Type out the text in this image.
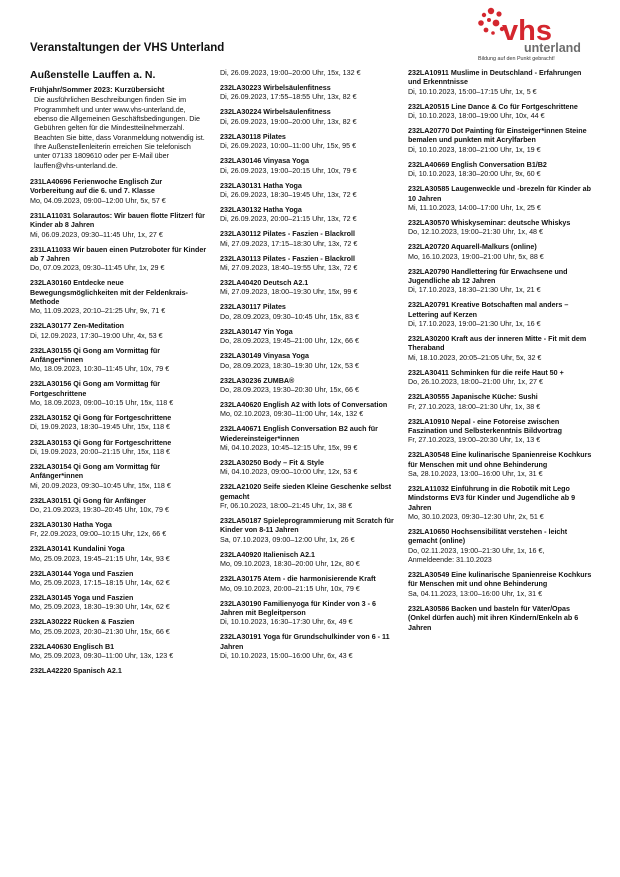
Veranstaltungen der VHS Unterland
vhs
unterland
Bildung auf den Punkt gebracht!
Außenstelle Lauffen a. N.
Frühjahr/Sommer 2023: Kurzübersicht
Die ausführlichen Beschreibungen finden Sie im Programmheft und unter www.vhs-unterland.de, ebenso die Allgemeinen Geschäftsbedingungen. Die Gebühren gelten für die Mindestteilnehmerzahl. Beachten Sie bitte, dass Voranmeldung notwendig ist. Ihre Außenstellenleiterin erreichen Sie telefonisch unter 07133 1809610 oder per E-Mail über lauffen@vhs-unterland.de.
231LA40696 Ferienwoche Englisch Zur Vorbereitung auf die 6. und 7. Klasse
Mo, 04.09.2023, 09:00–12:00 Uhr, 5x, 57 €
231LA11031 Solarautos: Wir bauen flotte Flitzer! für Kinder ab 8 Jahren
Mi, 06.09.2023, 09:30–11:45 Uhr, 1x, 27 €
231LA11033 Wir bauen einen Putzroboter für Kinder ab 7 Jahren
Do, 07.09.2023, 09:30–11:45 Uhr, 1x, 29 €
232LA30160 Entdecke neue Bewegungsmöglichkeiten mit der Feldenkrais-Methode
Mo, 11.09.2023, 20:10–21:25 Uhr, 9x, 71 €
232LA30177 Zen-Meditation
Di, 12.09.2023, 17:30–19:00 Uhr, 4x, 53 €
232LA30155 Qi Gong am Vormittag für Anfänger*innen
Mo, 18.09.2023, 10:30–11:45 Uhr, 10x, 79 €
232LA30156 Qi Gong am Vormittag für Fortgeschrittene
Mo, 18.09.2023, 09:00–10:15 Uhr, 15x, 118 €
232LA30152 Qi Gong für Fortgeschrittene
Di, 19.09.2023, 18:30–19:45 Uhr, 15x, 118 €
232LA30153 Qi Gong für Fortgeschrittene
Di, 19.09.2023, 20:00–21:15 Uhr, 15x, 118 €
232LA30154 Qi Gong am Vormittag für Anfänger*innen
Mi, 20.09.2023, 09:30–10:45 Uhr, 15x, 118 €
232LA30151 Qi Gong für Anfänger
Do, 21.09.2023, 19:30–20:45 Uhr, 10x, 79 €
232LA30130 Hatha Yoga
Fr, 22.09.2023, 09:00–10:15 Uhr, 12x, 66 €
232LA30141 Kundalini Yoga
Mo, 25.09.2023, 19:45–21:15 Uhr, 14x, 93 €
232LA30144 Yoga und Faszien
Mo, 25.09.2023, 17:15–18:15 Uhr, 14x, 62 €
232LA30145 Yoga und Faszien
Mo, 25.09.2023, 18:30–19:30 Uhr, 14x, 62 €
232LA30222 Rücken & Faszien
Mo, 25.09.2023, 20:30–21:30 Uhr, 15x, 66 €
232LA40630 Englisch B1
Mo, 25.09.2023, 09:30–11:00 Uhr, 13x, 123 €
232LA42220 Spanisch A2.1
Di, 26.09.2023, 19:00–20:00 Uhr, 15x, 132 €
232LA30223 Wirbelsäulenfitness
Di, 26.09.2023, 17:55–18:55 Uhr, 13x, 82 €
232LA30224 Wirbelsäulenfitness
Di, 26.09.2023, 19:00–20:00 Uhr, 13x, 82 €
232LA30118 Pilates
Di, 26.09.2023, 10:00–11:00 Uhr, 15x, 95 €
232LA30146 Vinyasa Yoga
Di, 26.09.2023, 19:00–20:15 Uhr, 10x, 79 €
232LA30131 Hatha Yoga
Di, 26.09.2023, 18:30–19:45 Uhr, 13x, 72 €
232LA30132 Hatha Yoga
Di, 26.09.2023, 20:00–21:15 Uhr, 13x, 72 €
232LA30112 Pilates - Faszien - Blackroll
Mi, 27.09.2023, 17:15–18:30 Uhr, 13x, 72 €
232LA30113 Pilates - Faszien - Blackroll
Mi, 27.09.2023, 18:40–19:55 Uhr, 13x, 72 €
232LA40420 Deutsch A2.1
Mi, 27.09.2023, 18:00–19:30 Uhr, 15x, 99 €
232LA30117 Pilates
Do, 28.09.2023, 09:30–10:45 Uhr, 15x, 83 €
232LA30147 Yin Yoga
Do, 28.09.2023, 19:45–21:00 Uhr, 12x, 66 €
232LA30149 Vinyasa Yoga
Do, 28.09.2023, 18:30–19:30 Uhr, 12x, 53 €
232LA30236 ZUMBA®
Do, 28.09.2023, 19:30–20:30 Uhr, 15x, 66 €
232LA40620 English A2 with lots of Conversation
Mo, 02.10.2023, 09:30–11:00 Uhr, 14x, 132 €
232LA40671 English Conversation B2 auch für Wiedereinsteiger*innen
Mi, 04.10.2023, 10:45–12:15 Uhr, 15x, 99 €
232LA30250 Body – Fit & Style
Mi, 04.10.2023, 09:00–10:00 Uhr, 12x, 53 €
232LA21020 Seife sieden Kleine Geschenke selbst gemacht
Fr, 06.10.2023, 18:00–21:45 Uhr, 1x, 38 €
232LA50187 Spieleprogrammierung mit Scratch für Kinder von 8-11 Jahren
Sa, 07.10.2023, 09:00–12:00 Uhr, 1x, 26 €
232LA40920 Italienisch A2.1
Mo, 09.10.2023, 18:30–20:00 Uhr, 12x, 80 €
232LA30175 Atem - die harmonisierende Kraft
Mo, 09.10.2023, 20:00–21:15 Uhr, 10x, 79 €
232LA30190 Familienyoga für Kinder von 3 - 6 Jahren mit Begleitperson
Di, 10.10.2023, 16:30–17:30 Uhr, 6x, 49 €
232LA30191 Yoga für Grundschulkinder von 6 - 11 Jahren
Di, 10.10.2023, 15:00–16:00 Uhr, 6x, 43 €
232LA10911 Muslime in Deutschland - Erfahrungen und Erkenntnisse
Di, 10.10.2023, 15:00–17:15 Uhr, 1x, 5 €
232LA20515 Line Dance & Co für Fortgeschrittene
Di, 10.10.2023, 18:00–19:00 Uhr, 10x, 44 €
232LA20770 Dot Painting für Einsteiger*innen Steine bemalen und punkten mit Acrylfarben
Di, 10.10.2023, 18:00–21:00 Uhr, 1x, 19 €
232LA40669 English Conversation B1/B2
Di, 10.10.2023, 18:30–20:00 Uhr, 9x, 60 €
232LA30585 Laugenweckle und -brezeln für Kinder ab 10 Jahren
Mi, 11.10.2023, 14:00–17:00 Uhr, 1x, 25 €
232LA30570 Whiskyseminar: deutsche Whiskys
Do, 12.10.2023, 19:00–21:30 Uhr, 1x, 48 €
232LA20720 Aquarell-Malkurs (online)
Mo, 16.10.2023, 19:00–21:00 Uhr, 5x, 88 €
232LA20790 Handlettering für Erwachsene und Jugendliche ab 12 Jahren
Di, 17.10.2023, 18:30–21:30 Uhr, 1x, 21 €
232LA20791 Kreative Botschaften mal anders – Lettering auf Kerzen
Di, 17.10.2023, 19:00–21:30 Uhr, 1x, 16 €
232LA30200 Kraft aus der inneren Mitte - Fit mit dem Theraband
Mi, 18.10.2023, 20:05–21:05 Uhr, 5x, 32 €
232LA30411 Schminken für die reife Haut 50 +
Do, 26.10.2023, 18:00–21:00 Uhr, 1x, 27 €
232LA30555 Japanische Küche: Sushi
Fr, 27.10.2023, 18:00–21:30 Uhr, 1x, 38 €
232LA10910 Nepal - eine Fotoreise zwischen Faszination und Selbsterkenntnis Bildvortrag
Fr, 27.10.2023, 19:00–20:30 Uhr, 1x, 13 €
232LA30548 Eine kulinarische Spanienreise Kochkurs für Menschen mit und ohne Behinderung
Sa, 28.10.2023, 13:00–16:00 Uhr, 1x, 31 €
232LA11032 Einführung in die Robotik mit Lego Mindstorms EV3 für Kinder und Jugendliche ab 9 Jahren
Mo, 30.10.2023, 09:30–12:30 Uhr, 2x, 51 €
232LA10650 Hochsensibilität verstehen - leicht gemacht (online)
Do, 02.11.2023, 19:00–21:30 Uhr, 1x, 16 €,
Anmeldeende: 31.10.2023
232LA30549 Eine kulinarische Spanienreise Kochkurs für Menschen mit und ohne Behinderung
Sa, 04.11.2023, 13:00–16:00 Uhr, 1x, 31 €
232LA30586 Backen und basteln für Väter/Opas (Onkel dürfen auch) mit ihren Kindern/Enkeln ab 6 Jahren
